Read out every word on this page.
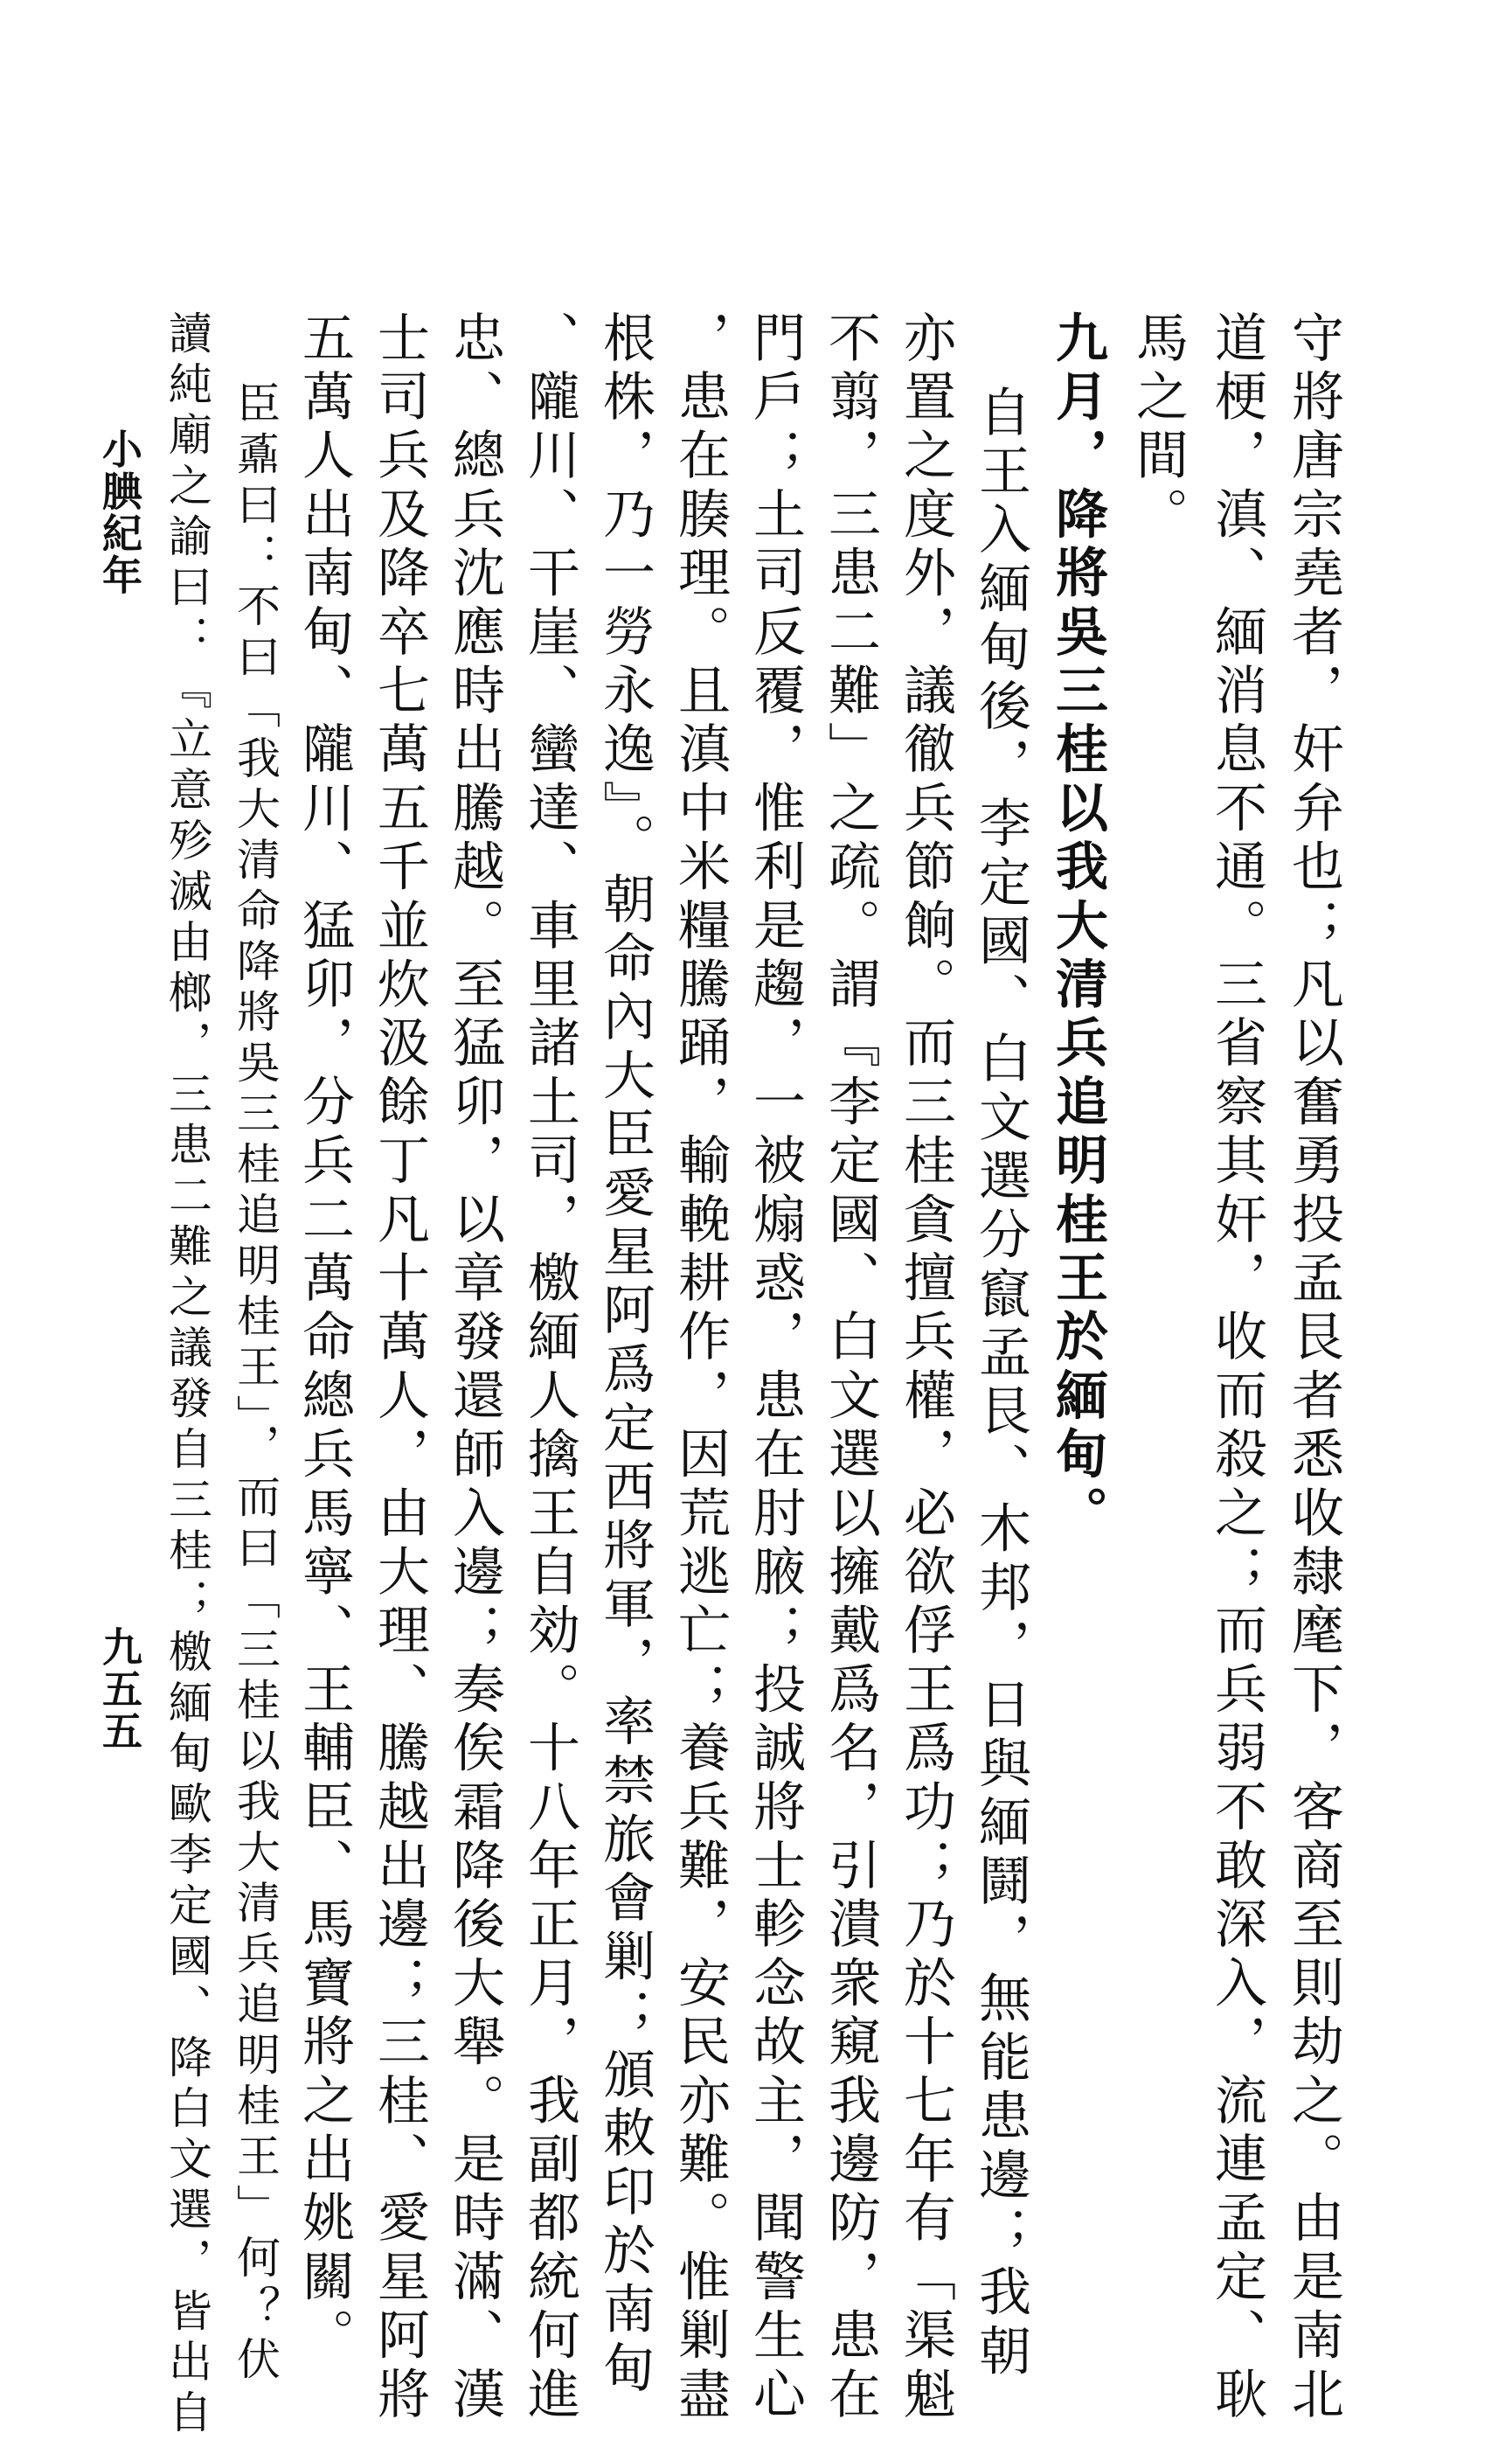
守將唐宗堯者，奸弁也；凡以奮勇投孟艮者悉收隸麾下，客商至則劫之。由是南北
道梗，滇、緬消息不通。三省察其奸，收而殺之；而兵弱不敢深入，流連孟定、耿
馬之間。
九月，降將吳三桂以我大清兵追明桂王於緬甸。
自王入緬甸後，李定國、白文選分竄孟艮、木邦，日與緬鬪，無能患邊；我朝
亦置之度外，議徹兵節餉。而三桂貪擅兵權，必欲俘王爲功；乃於十七年有「渠魁
不翦，三患二難」之疏。謂『李定國、白文選以擁戴爲名，引潰衆窺我邊防，患在
門戶；土司反覆，惟利是趨，一被煽惑，患在肘腋；投誠將士軫念故主，聞警生心
，患在腠理。且滇中米糧騰踊，輸輓耕作，因荒逃亡；養兵難，安民亦難。惟剿盡
根株，乃一勞永逸』。朝命內大臣愛星阿爲定西將軍，率禁旅會剿；頒敕印於南甸
、隴川、干崖、蠻達、車里諸土司，檄緬人擒王自効。十八年正月，我副都統何進
忠、總兵沈應時出騰越。至猛卯，以章發還師入邊；奏俟霜降後大舉。是時滿、漢
士司兵及降卒七萬五千並炊汲餘丁凡十萬人，由大理、騰越出邊；三桂、愛星阿將
五萬人出南甸、隴川、猛卯，分兵二萬命總兵馬寧、王輔臣、馬寶將之出姚關。
臣鼒曰：不曰「我大清命降將吳三桂追明桂王」，而曰「三桂以我大清兵追明桂王」何？伏
讀純廟之諭曰：『立意殄滅由榔，三患二難之議發自三桂；檄緬甸歐李定國、降白文選，皆出自
小腆紀年
九五五
